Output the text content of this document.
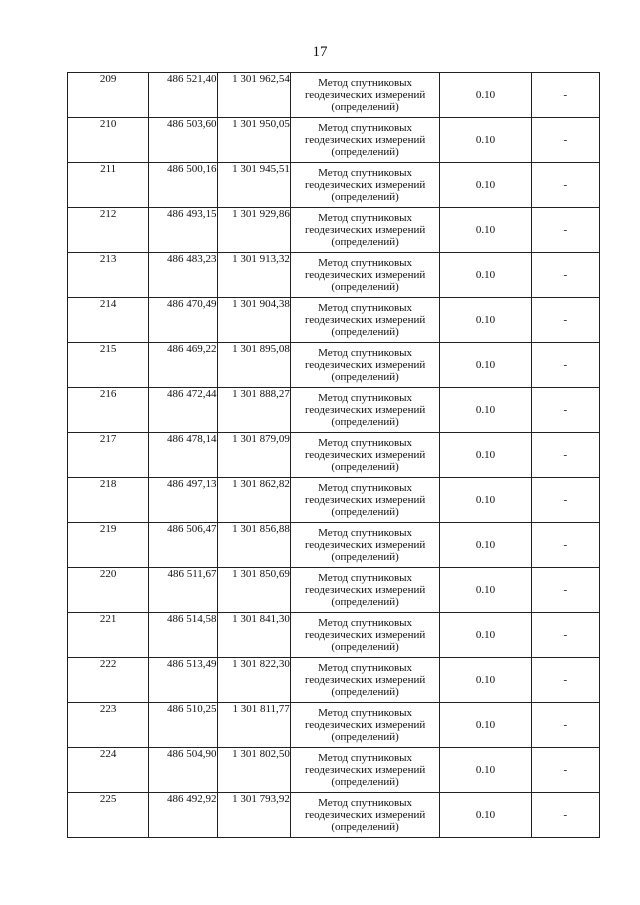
17
209	486 521,40	1 301 962,54	Метод спутниковых
геодезических измерений
(определений)	0.10	-
210	486 503,60	1 301 950,05	Метод спутниковых
геодезических измерений
(определений)	0.10	-
211	486 500,16	1 301 945,51	Метод спутниковых
геодезических измерений
(определений)	0.10	-
212	486 493,15	1 301 929,86	Метод спутниковых
геодезических измерений
(определений)	0.10	-
213	486 483,23	1 301 913,32	Метод спутниковых
геодезических измерений
(определений)	0.10	-
214	486 470,49	1 301 904,38	Метод спутниковых
геодезических измерений
(определений)	0.10	-
215	486 469,22	1 301 895,08	Метод спутниковых
геодезических измерений
(определений)	0.10	-
216	486 472,44	1 301 888,27	Метод спутниковых
геодезических измерений
(определений)	0.10	-
217	486 478,14	1 301 879,09	Метод спутниковых
геодезических измерений
(определений)	0.10	-
218	486 497,13	1 301 862,82	Метод спутниковых
геодезических измерений
(определений)	0.10	-
219	486 506,47	1 301 856,88	Метод спутниковых
геодезических измерений
(определений)	0.10	-
220	486 511,67	1 301 850,69	Метод спутниковых
геодезических измерений
(определений)	0.10	-
221	486 514,58	1 301 841,30	Метод спутниковых
геодезических измерений
(определений)	0.10	-
222	486 513,49	1 301 822,30	Метод спутниковых
геодезических измерений
(определений)	0.10	-
223	486 510,25	1 301 811,77	Метод спутниковых
геодезических измерений
(определений)	0.10	-
224	486 504,90	1 301 802,50	Метод спутниковых
геодезических измерений
(определений)	0.10	-
225	486 492,92	1 301 793,92	Метод спутниковых
геодезических измерений
(определений)	0.10	-
